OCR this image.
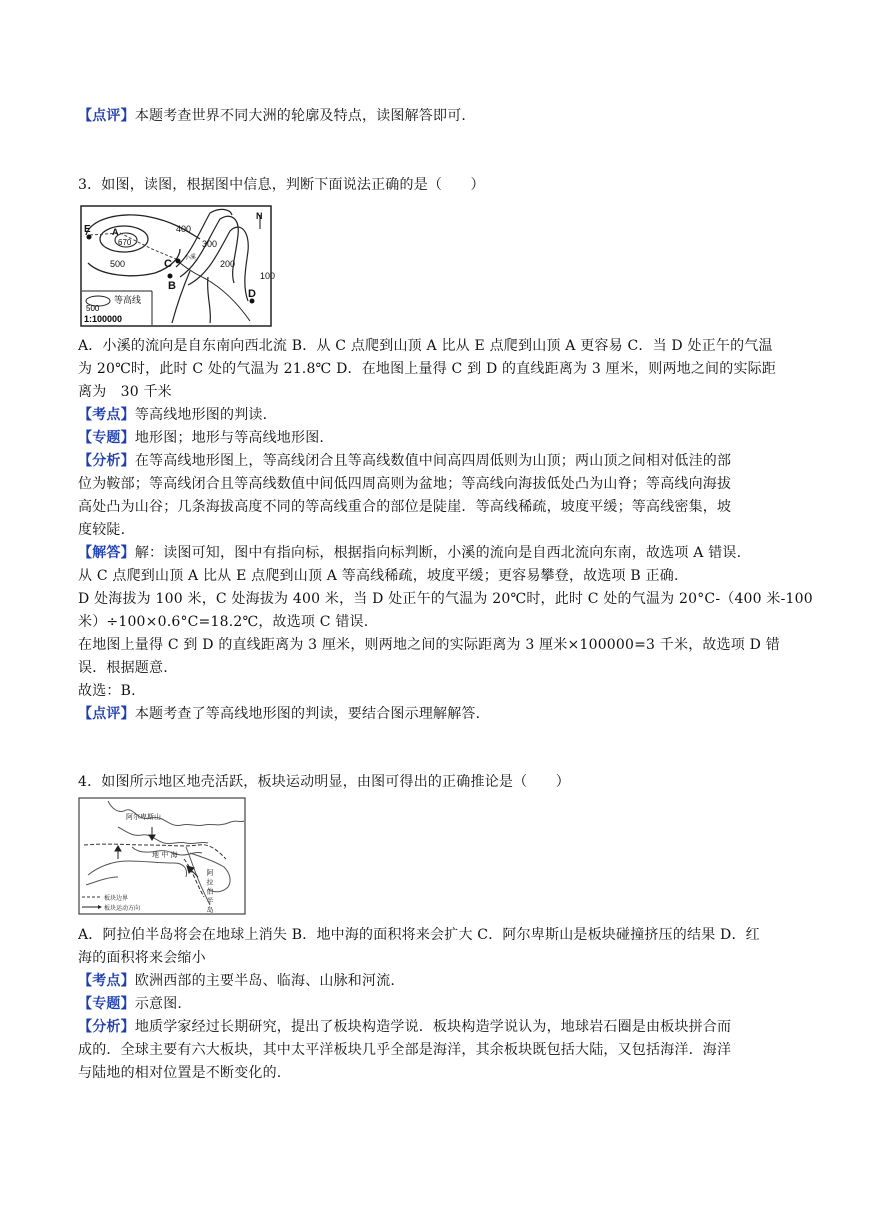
【点评】本题考查世界不同大洲的轮廓及特点，读图解答即可.
3．如图，读图，根据图中信息，判断下面说法正确的是（　　）
E A
670
400
300
N
500	C	200
B
100
D
小溪
500
等高线
1:100000
A．小溪的流向是自东南向西北流 B．从 C 点爬到山顶 A 比从 E 点爬到山顶 A 更容易 C．当 D 处正午的气温
为 20℃时，此时 C 处的气温为 21.8℃ D．在地图上量得 C 到 D 的直线距离为 3 厘米，则两地之间的实际距
离为　30 千米
【考点】等高线地形图的判读.
【专题】地形图；地形与等高线地形图.
【分析】在等高线地形图上，等高线闭合且等高线数值中间高四周低则为山顶；两山顶之间相对低洼的部
位为鞍部；等高线闭合且等高线数值中间低四周高则为盆地；等高线向海拔低处凸为山脊；等高线向海拔
高处凸为山谷；几条海拔高度不同的等高线重合的部位是陡崖．等高线稀疏，坡度平缓；等高线密集，坡
度较陡.
【解答】解：读图可知，图中有指向标，根据指向标判断，小溪的流向是自西北流向东南，故选项 A 错误.
从 C 点爬到山顶 A 比从 E 点爬到山顶 A 等高线稀疏，坡度平缓；更容易攀登，故选项 B 正确.
D 处海拔为 100 米，C 处海拔为 400 米，当 D 处正午的气温为 20℃时，此时 C 处的气温为 20°C-（400 米-100
米）÷100×0.6°C=18.2℃，故选项 C 错误.
在地图上量得 C 到 D 的直线距离为 3 厘米，则两地之间的实际距离为 3 厘米×100000=3 千米，故选项 D 错
误．根据题意.
故选：B.
【点评】本题考查了等高线地形图的判读，要结合图示理解解答.
4．如图所示地区地壳活跃，板块运动明显，由图可得出的正确推论是（　　）
阿尔卑斯山
地 中 海
阿 拉 伯 半 岛
板块边界
板块运动方向
A．阿拉伯半岛将会在地球上消失 B．地中海的面积将来会扩大 C．阿尔卑斯山是板块碰撞挤压的结果 D．红
海的面积将来会缩小
【考点】欧洲西部的主要半岛、临海、山脉和河流.
【专题】示意图.
【分析】地质学家经过长期研究，提出了板块构造学说．板块构造学说认为，地球岩石圈是由板块拼合而
成的．全球主要有六大板块，其中太平洋板块几乎全部是海洋，其余板块既包括大陆，又包括海洋．海洋
与陆地的相对位置是不断变化的.
